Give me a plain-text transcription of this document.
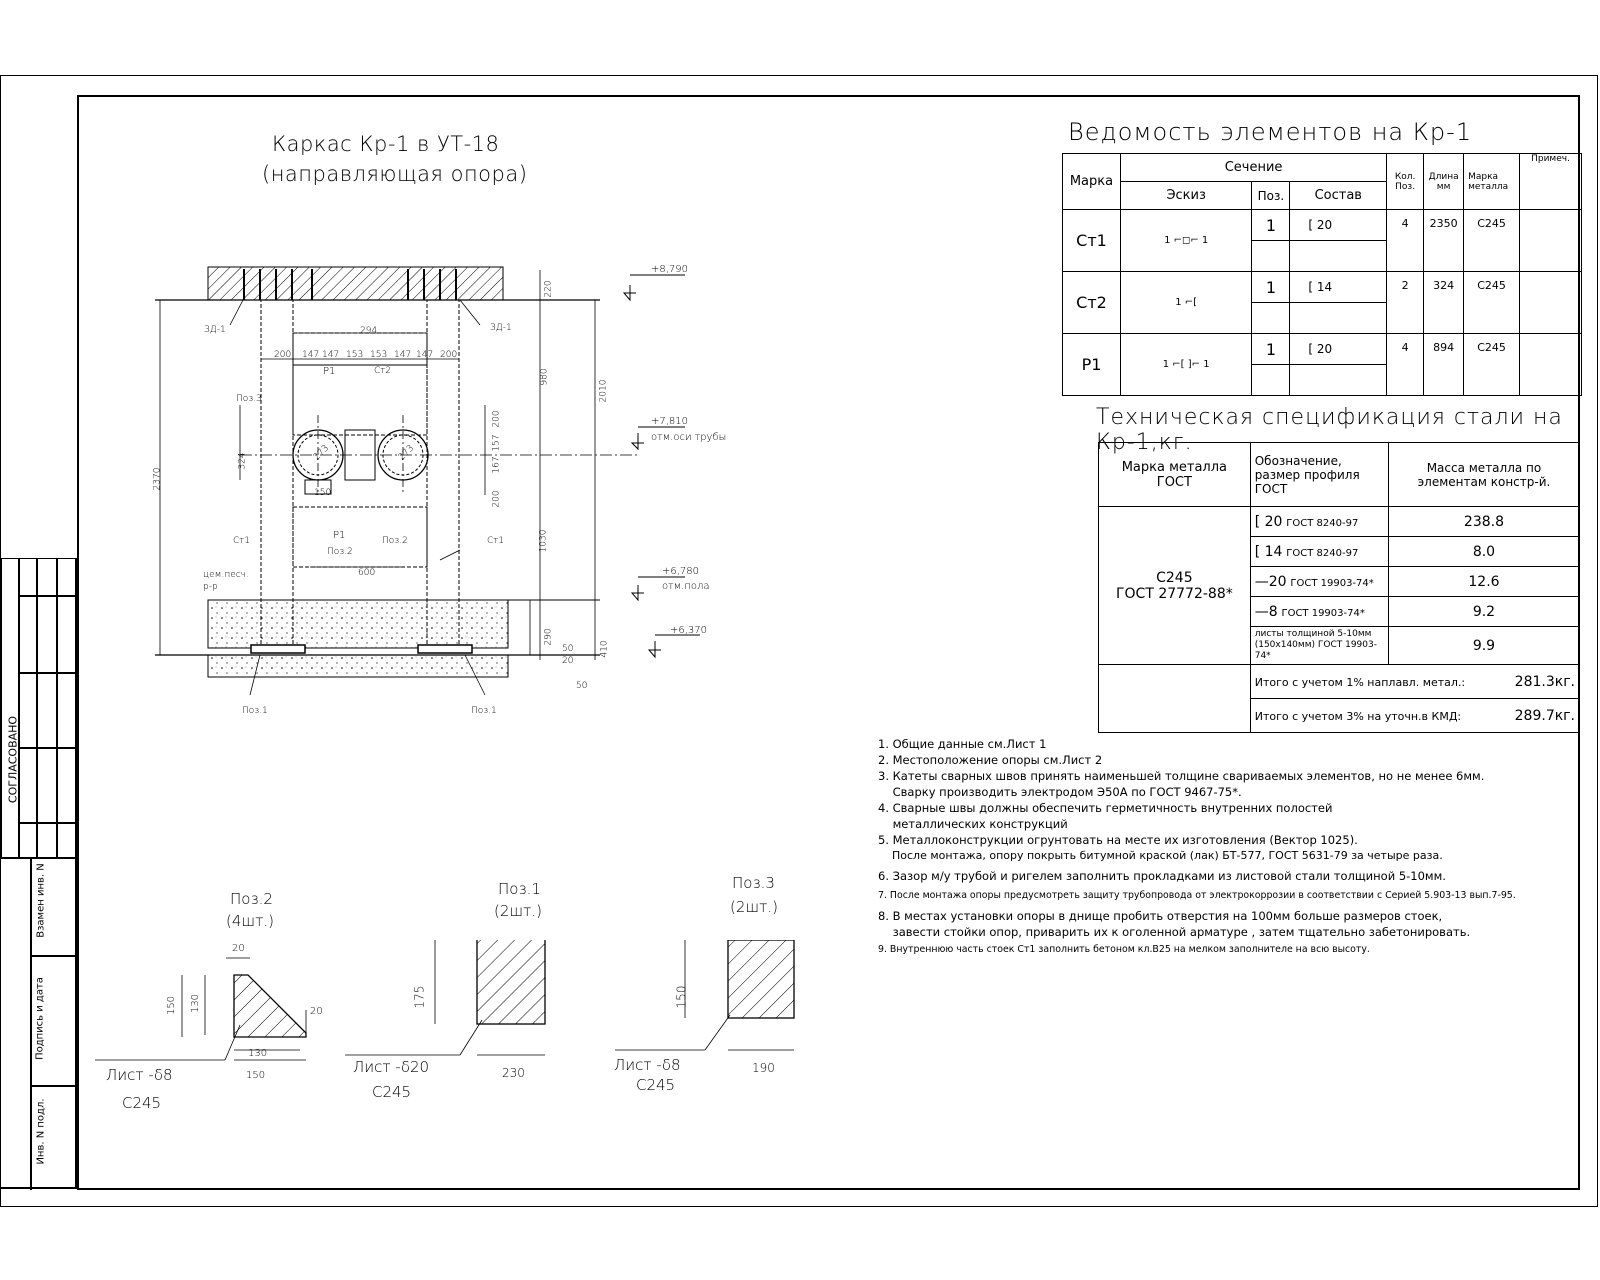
СОГЛАСОВАНО
Взамен инв. N
Подпись и дата
Инв. N подл.
Каркас Кр-1 в УТ-18
(направляющая опора)
+8,790
+7,810
отм.оси трубы
+6,780
отм.пола
+6,370
ЗД-1	ЗД-1
Поз.3
Р1	Ст2
Ст1	Ст1
Р1
Поз.2
Поз.2
цем.песч.
р-р
Поз.1	Поз.1
294
200 147 147 153 153 147 147 200
220
980
2010
2370
324
200
157
167
200
150
600
1030
290
410
50
20
50
273	273
Поз.2
(4шт.)
Поз.1
(2шт.)
Поз.3
(2шт.)
20
150 130	20
130
150
Лист -δ8
С245
175
230
Лист -δ20
С245
150
190
Лист -δ8
С245
Ведомость элементов на Кр-1
Марка	Сечение			Кол. Поз.	Длина мм	Марка металла	Примеч.
	Эскиз	Поз.	Состав				
Ст1	1 ⌐◻⌐ 1	1	[ 20	4	2350	С245	

Ст2	1 ⌐[	1	[ 14	2	324	С245	

Р1	1 ⌐[ ]⌐ 1	1	[ 20	4	894	С245	

Техническая спецификация стали на Кр-1,кг.
Марка металла ГОСТ	Обозначение, размер профиля ГОСТ	Масса металла по элементам констр-й.

С245
ГОСТ 27772-88*	[ 20 ГОСТ 8240-97	238.8
	[ 14 ГОСТ 8240-97	8.0
	—20 ГОСТ 19903-74*	12.6
	—8 ГОСТ 19903-74*	9.2
	листы толщиной 5-10мм (150х140мм) ГОСТ 19903-74*	9.9
	Итого с учетом 1% наплавл. метал.: 281.3кг.	
	Итого с учетом 3% на уточн.в КМД: 289.7кг.	
1. Общие данные см.Лист 1
2. Местоположение опоры см.Лист 2
3. Катеты сварных швов принять наименьшей толщине свариваемых элементов, но не менее 6мм.
Сварку производить электродом Э50А по ГОСТ 9467-75*.
4. Сварные швы должны обеспечить герметичность внутренних полостей
металлических конструкций
5. Металлоконструкции огрунтовать на месте их изготовления (Вектор 1025).
После монтажа, опору покрыть битумной краской (лак) БТ-577, ГОСТ 5631-79 за четыре раза.
6. Зазор м/у трубой и ригелем заполнить прокладками из листовой стали толщиной 5-10мм.
7. После монтажа опоры предусмотреть защиту трубопровода от электрокоррозии в соответствии с Серией 5.903-13 вып.7-95.
8. В местах установки опоры в днище пробить отверстия на 100мм больше размеров стоек,
завести стойки опор, приварить их к оголенной арматуре , затем тщательно забетонировать.
9. Внутреннюю часть стоек Ст1 заполнить бетоном кл.В25 на мелком заполнителе на всю высоту.
